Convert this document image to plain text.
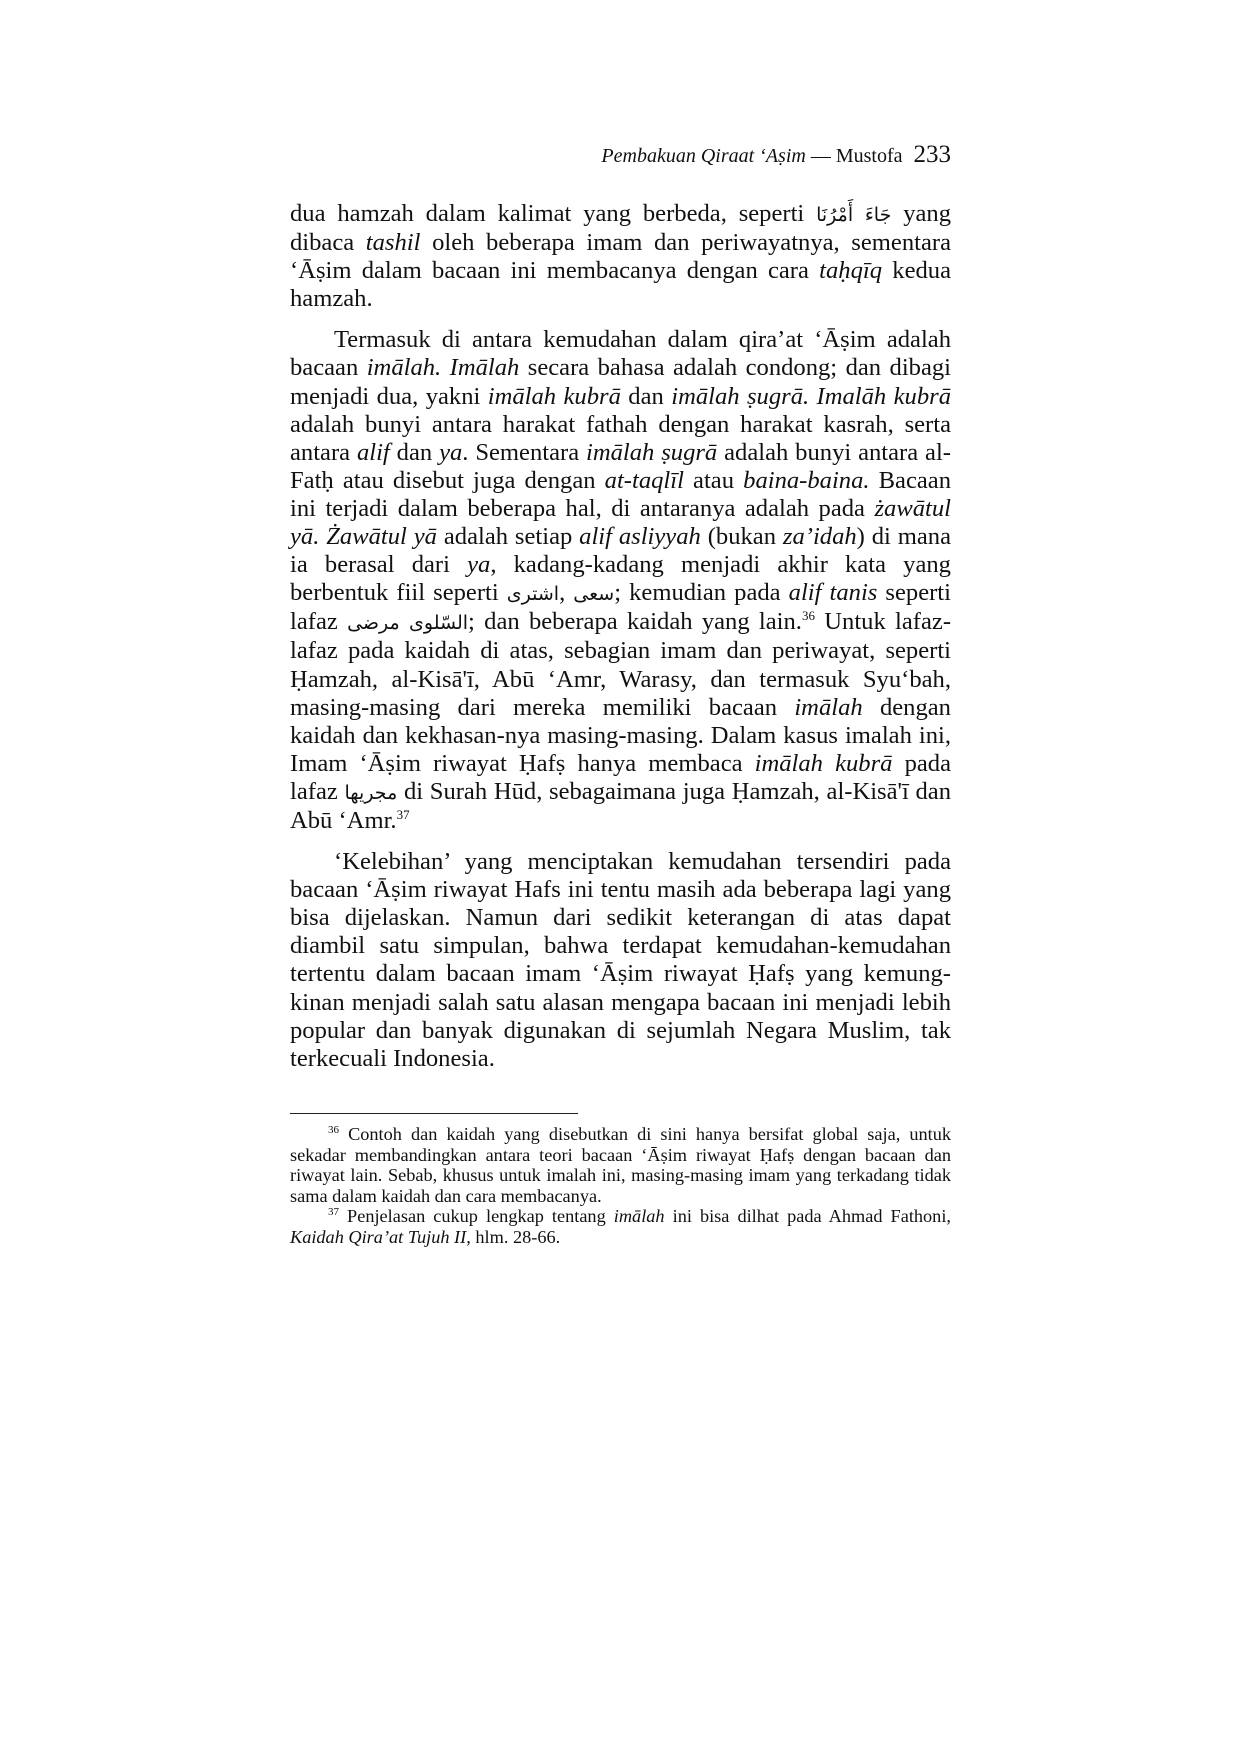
Pembakuan Qiraat ‘Aṣim — Mustofa 233

dua hamzah dalam kalimat yang berbeda, seperti جَاءَ أَمْرُنَا yang dibaca tashil oleh beberapa imam dan periwayatnya, sementara ‘Āṣim dalam bacaan ini membacanya dengan cara taḥqīq kedua hamzah.

Termasuk di antara kemudahan dalam qira’at ‘Āṣim adalah bacaan imālah. Imālah secara bahasa adalah condong; dan dibagi menjadi dua, yakni imālah kubrā dan imālah ṣugrā. Imalāh kubrā adalah bunyi antara harakat fathah dengan harakat kasrah, serta antara alif dan ya. Sementara imālah ṣugrā adalah bunyi antara al-Fatḥ atau disebut juga dengan at-taqlīl atau baina-baina. Bacaan ini terjadi dalam beberapa hal, di antaranya adalah pada żawātul yā. Żawātul yā adalah setiap alif asliyyah (bukan za’idah) di mana ia berasal dari ya, kadang-kadang menjadi akhir kata yang berbentuk fiil seperti اشترى, سعى; kemudian pada alif tanis seperti lafaz مرضى السّلوى; dan beberapa kaidah yang lain.$^{36}$ Untuk lafaz-lafaz pada kaidah di atas, sebagian imam dan periwayat, seperti Ḥamzah, al-Kisā'ī, Abū ‘Amr, Warasy, dan termasuk Syu‘bah, masing-masing dari mereka memiliki bacaan imālah dengan kaidah dan kekhasan-nya masing-masing. Dalam kasus imalah ini, Imam ‘Āṣim riwayat Ḥafṣ hanya membaca imālah kubrā pada lafaz مجريها di Surah Hūd, sebagaimana juga Ḥamzah, al-Kisā'ī dan Abū ‘Amr.$^{37}$

‘Kelebihan’ yang menciptakan kemudahan tersendiri pada bacaan ‘Āṣim riwayat Hafs ini tentu masih ada beberapa lagi yang bisa dijelaskan. Namun dari sedikit keterangan di atas dapat diambil satu simpulan, bahwa terdapat kemudahan-kemudahan tertentu dalam bacaan imam ‘Āṣim riwayat Ḥafṣ yang kemung-kinan menjadi salah satu alasan mengapa bacaan ini menjadi lebih popular dan banyak digunakan di sejumlah Negara Muslim, tak terkecuali Indonesia.

$^{36}$ Contoh dan kaidah yang disebutkan di sini hanya bersifat global saja, untuk sekadar membandingkan antara teori bacaan ‘Āṣim riwayat Ḥafṣ dengan bacaan dan riwayat lain. Sebab, khusus untuk imalah ini, masing-masing imam yang terkadang tidak sama dalam kaidah dan cara membacanya.

$^{37}$ Penjelasan cukup lengkap tentang imālah ini bisa dilhat pada Ahmad Fathoni, Kaidah Qira’at Tujuh II, hlm. 28-66.
